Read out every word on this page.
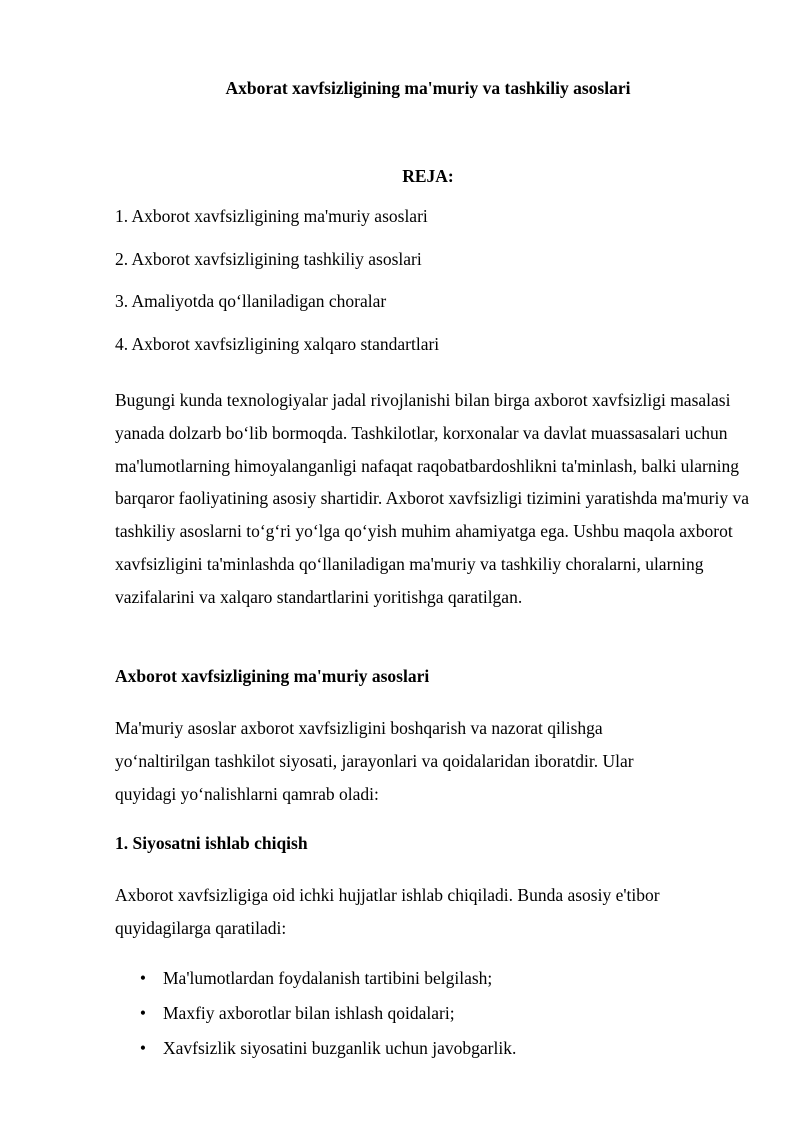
Axborat xavfsizligining ma'muriy va tashkiliy asoslari
REJA:
1. Axborot xavfsizligining ma'muriy asoslari
2. Axborot xavfsizligining tashkiliy asoslari
3. Amaliyotda qo‘llaniladigan choralar
4. Axborot xavfsizligining xalqaro standartlari

Bugungi kunda texnologiyalar jadal rivojlanishi bilan birga axborot xavfsizligi masalasi yanada dolzarb bo‘lib bormoqda. Tashkilotlar, korxonalar va davlat muassasalari uchun ma'lumotlarning himoyalanganligi nafaqat raqobatbardoshlikni ta'minlash, balki ularning barqaror faoliyatining asosiy shartidir. Axborot xavfsizligi tizimini yaratishda ma'muriy va tashkiliy asoslarni to‘g‘ri yo‘lga qo‘yish muhim ahamiyatga ega. Ushbu maqola axborot xavfsizligini ta'minlashda qo‘llaniladigan ma'muriy va tashkiliy choralarni, ularning vazifalarini va xalqaro standartlarini yoritishga qaratilgan.

Axborot xavfsizligining ma'muriy asoslari

Ma'muriy asoslar axborot xavfsizligini boshqarish va nazorat qilishga yo‘naltirilgan tashkilot siyosati, jarayonlari va qoidalaridan iboratdir. Ular quyidagi yo‘nalishlarni qamrab oladi:

1. Siyosatni ishlab chiqish

Axborot xavfsizligiga oid ichki hujjatlar ishlab chiqiladi. Bunda asosiy e'tibor quyidagilarga qaratiladi:

• Ma'lumotlardan foydalanish tartibini belgilash;
• Maxfiy axborotlar bilan ishlash qoidalari;
• Xavfsizlik siyosatini buzganlik uchun javobgarlik.
